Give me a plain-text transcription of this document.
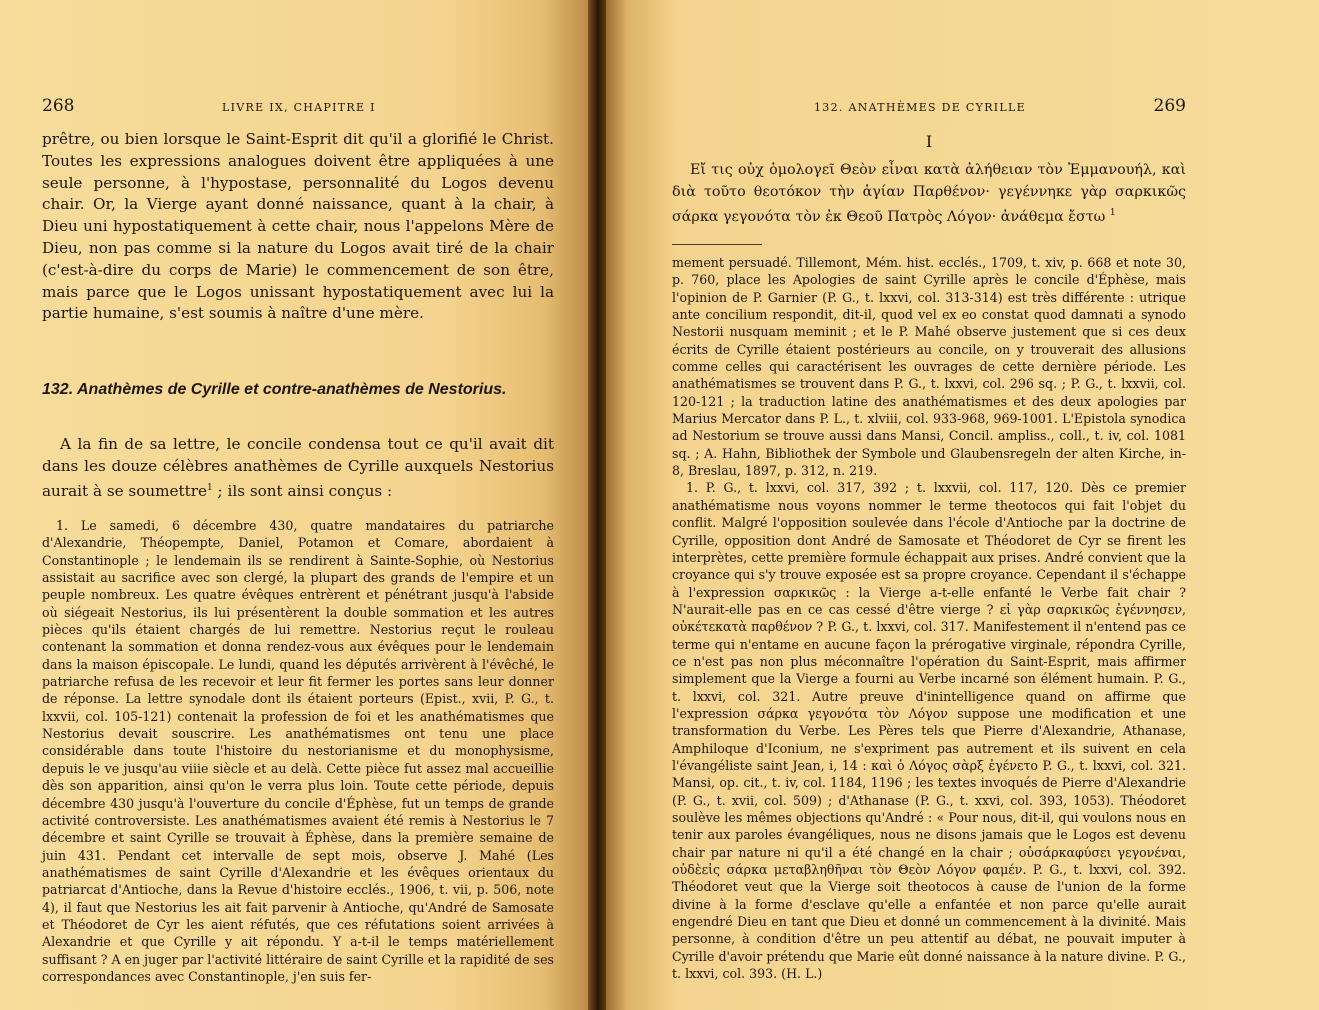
268	LIVRE IX, CHAPITRE I

prêtre, ou bien lorsque le Saint-Esprit dit qu'il a glorifié le Christ. Toutes les expressions analogues doivent être appliquées à une seule personne, à l'hypostase, personnalité du Logos devenu chair. Or, la Vierge ayant donné naissance, quant à la chair, à Dieu uni hypostatiquement à cette chair, nous l'appelons Mère de Dieu, non pas comme si la nature du Logos avait tiré de la chair (c'est-à-dire du corps de Marie) le commencement de son être, mais parce que le Logos unissant hypostatiquement avec lui la partie humaine, s'est soumis à naître d'une mère.

132. Anathèmes de Cyrille et contre-anathèmes de Nestorius.

A la fin de sa lettre, le concile condensa tout ce qu'il avait dit dans les douze célèbres anathèmes de Cyrille auxquels Nestorius aurait à se soumettre$^1$ ; ils sont ainsi conçus :

1. Le samedi, 6 décembre 430, quatre mandataires du patriarche d'Alexandrie, Théopempte, Daniel, Potamon et Comare, abordaient à Constantinople ; le lendemain ils se rendirent à Sainte-Sophie, où Nestorius assistait au sacrifice avec son clergé, la plupart des grands de l'empire et un peuple nombreux. Les quatre évêques entrèrent et pénétrant jusqu'à l'abside où siégeait Nestorius, ils lui présentèrent la double sommation et les autres pièces qu'ils étaient chargés de lui remettre. Nestorius reçut le rouleau contenant la sommation et donna rendez-vous aux évêques pour le lendemain dans la maison épiscopale. Le lundi, quand les députés arrivèrent à l'évêché, le patriarche refusa de les recevoir et leur fit fermer les portes sans leur donner de réponse. La lettre synodale dont ils étaient porteurs (Epist., xvii, P. G., t. lxxvii, col. 105-121) contenait la profession de foi et les anathématismes que Nestorius devait souscrire. Les anathématismes ont tenu une place considérable dans toute l'histoire du nestorianisme et du monophysisme, depuis le ve jusqu'au viiie siècle et au delà. Cette pièce fut assez mal accueillie dès son apparition, ainsi qu'on le verra plus loin. Toute cette période, depuis décembre 430 jusqu'à l'ouverture du concile d'Éphèse, fut un temps de grande activité controversiste. Les anathématismes avaient été remis à Nestorius le 7 décembre et saint Cyrille se trouvait à Éphèse, dans la première semaine de juin 431. Pendant cet intervalle de sept mois, observe J. Mahé (Les anathématismes de saint Cyrille d'Alexandrie et les évêques orientaux du patriarcat d'Antioche, dans la Revue d'histoire ecclés., 1906, t. vii, p. 506, note 4), il faut que Nestorius les ait fait parvenir à Antioche, qu'André de Samosate et Théodoret de Cyr les aient réfutés, que ces réfutations soient arrivées à Alexandrie et que Cyrille y ait répondu. Y a-t-il le temps matériellement suffisant ? A en juger par l'activité littéraire de saint Cyrille et la rapidité de ses correspondances avec Constantinople, j'en suis fer-

132. ANATHÈMES DE CYRILLE	269
I

Εἴ τις οὐχ ὁμολογεῖ Θεὸν εἶναι κατὰ ἀλήθειαν τὸν Ἐμμανουήλ, καὶ διὰ τοῦτο θεοτόκον τὴν ἁγίαν Παρθένον· γεγέννηκε γὰρ σαρκικῶς σάρκα γεγονότα τὸν ἐκ Θεοῦ Πατρὸς Λόγον· ἀνάθεμα ἔστω $^1$

mement persuadé. Tillemont, Mém. hist. ecclés., 1709, t. xiv, p. 668 et note 30, p. 760, place les Apologies de saint Cyrille après le concile d'Éphèse, mais l'opinion de P. Garnier (P. G., t. lxxvi, col. 313-314) est très différente : utrique ante concilium respondit, dit-il, quod vel ex eo constat quod damnati a synodo Nestorii nusquam meminit ; et le P. Mahé observe justement que si ces deux écrits de Cyrille étaient postérieurs au concile, on y trouverait des allusions comme celles qui caractérisent les ouvrages de cette dernière période. Les anathématismes se trouvent dans P. G., t. lxxvi, col. 296 sq. ; P. G., t. lxxvii, col. 120-121 ; la traduction latine des anathématismes et des deux apologies par Marius Mercator dans P. L., t. xlviii, col. 933-968, 969-1001. L'Epistola synodica ad Nestorium se trouve aussi dans Mansi, Concil. ampliss., coll., t. iv, col. 1081 sq. ; A. Hahn, Bibliothek der Symbole und Glaubensregeln der alten Kirche, in-8, Breslau, 1897, p. 312, n. 219.

1. P. G., t. lxxvi, col. 317, 392 ; t. lxxvii, col. 117, 120. Dès ce premier anathématisme nous voyons nommer le terme theotocos qui fait l'objet du conflit. Malgré l'opposition soulevée dans l'école d'Antioche par la doctrine de Cyrille, opposition dont André de Samosate et Théodoret de Cyr se firent les interprètes, cette première formule échappait aux prises. André convient que la croyance qui s'y trouve exposée est sa propre croyance. Cependant il s'échappe à l'expression σαρκικῶς : la Vierge a-t-elle enfanté le Verbe fait chair ? N'aurait-elle pas en ce cas cessé d'être vierge ? εἰ γὰρ σαρκικῶς ἐγέννησεν, οὐκέτεκατὰ παρθένον ? P. G., t. lxxvi, col. 317. Manifestement il n'entend pas ce terme qui n'entame en aucune façon la prérogative virginale, répondra Cyrille, ce n'est pas non plus méconnaître l'opération du Saint-Esprit, mais affirmer simplement que la Vierge a fourni au Verbe incarné son élément humain. P. G., t. lxxvi, col. 321. Autre preuve d'inintelligence quand on affirme que l'expression σάρκα γεγονότα τὸν Λόγον suppose une modification et une transformation du Verbe. Les Pères tels que Pierre d'Alexandrie, Athanase, Amphiloque d'Iconium, ne s'expriment pas autrement et ils suivent en cela l'évangéliste saint Jean, i, 14 : καὶ ὁ Λόγος σὰρξ ἐγένετο P. G., t. lxxvi, col. 321. Mansi, op. cit., t. iv, col. 1184, 1196 ; les textes invoqués de Pierre d'Alexandrie (P. G., t. xvii, col. 509) ; d'Athanase (P. G., t. xxvi, col. 393, 1053). Théodoret soulève les mêmes objections qu'André : « Pour nous, dit-il, qui voulons nous en tenir aux paroles évangéliques, nous ne disons jamais que le Logos est devenu chair par nature ni qu'il a été changé en la chair ; οὐσάρκαφύσει γεγονέναι, οὐδὲεἰς σάρκα μεταβληθῆναι τὸν Θεὸν Λόγον φαμέν. P. G., t. lxxvi, col. 392. Théodoret veut que la Vierge soit theotocos à cause de l'union de la forme divine à la forme d'esclave qu'elle a enfantée et non parce qu'elle aurait engendré Dieu en tant que Dieu et donné un commencement à la divinité. Mais personne, à condition d'être un peu attentif au débat, ne pouvait imputer à Cyrille d'avoir prétendu que Marie eût donné naissance à la nature divine. P. G., t. lxxvi, col. 393. (H. L.)
